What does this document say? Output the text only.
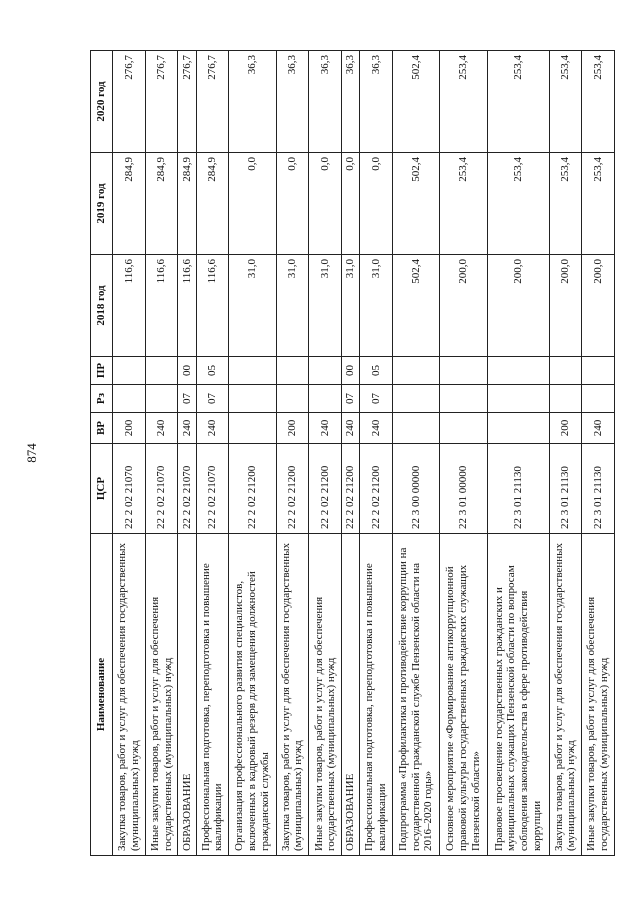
874
Наименование	ЦСР	ВР	Рз	ПР	2018 год	2019 год	2020 год
Закупка товаров, работ и услуг для обеспечения государственных (муниципальных) нужд	22 2 02 21070	200			116,6	284,9	276,7
Иные закупки товаров, работ и услуг для обеспечения государственных (муниципальных) нужд	22 2 02 21070	240			116,6	284,9	276,7
ОБРАЗОВАНИЕ	22 2 02 21070	240	07	00	116,6	284,9	276,7
Профессиональная подготовка, переподготовка и повышение квалификации	22 2 02 21070	240	07	05	116,6	284,9	276,7
Организация профессионального развития специалистов, включенных в кадровый резерв для замещения должностей гражданской службы	22 2 02 21200				31,0	0,0	36,3
Закупка товаров, работ и услуг для обеспечения государственных (муниципальных) нужд	22 2 02 21200	200			31,0	0,0	36,3
Иные закупки товаров, работ и услуг для обеспечения государственных (муниципальных) нужд	22 2 02 21200	240			31,0	0,0	36,3
ОБРАЗОВАНИЕ	22 2 02 21200	240	07	00	31,0	0,0	36,3
Профессиональная подготовка, переподготовка и повышение квалификации	22 2 02 21200	240	07	05	31,0	0,0	36,3
Подпрограмма «Профилактика и противодействие коррупции на государственной гражданской службе Пензенской области на 2016–2020 годы»	22 3 00 00000				502,4	502,4	502,4
Основное мероприятие «Формирование антикоррупционной правовой культуры государственных гражданских служащих Пензенской области»	22 3 01 00000				200,0	253,4	253,4
Правовое просвещение государственных гражданских и муниципальных служащих Пензенской области по вопросам соблюдения законодательства в сфере противодействия коррупции	22 3 01 21130				200,0	253,4	253,4
Закупка товаров, работ и услуг для обеспечения государственных (муниципальных) нужд	22 3 01 21130	200			200,0	253,4	253,4
Иные закупки товаров, работ и услуг для обеспечения государственных (муниципальных) нужд	22 3 01 21130	240			200,0	253,4	253,4
